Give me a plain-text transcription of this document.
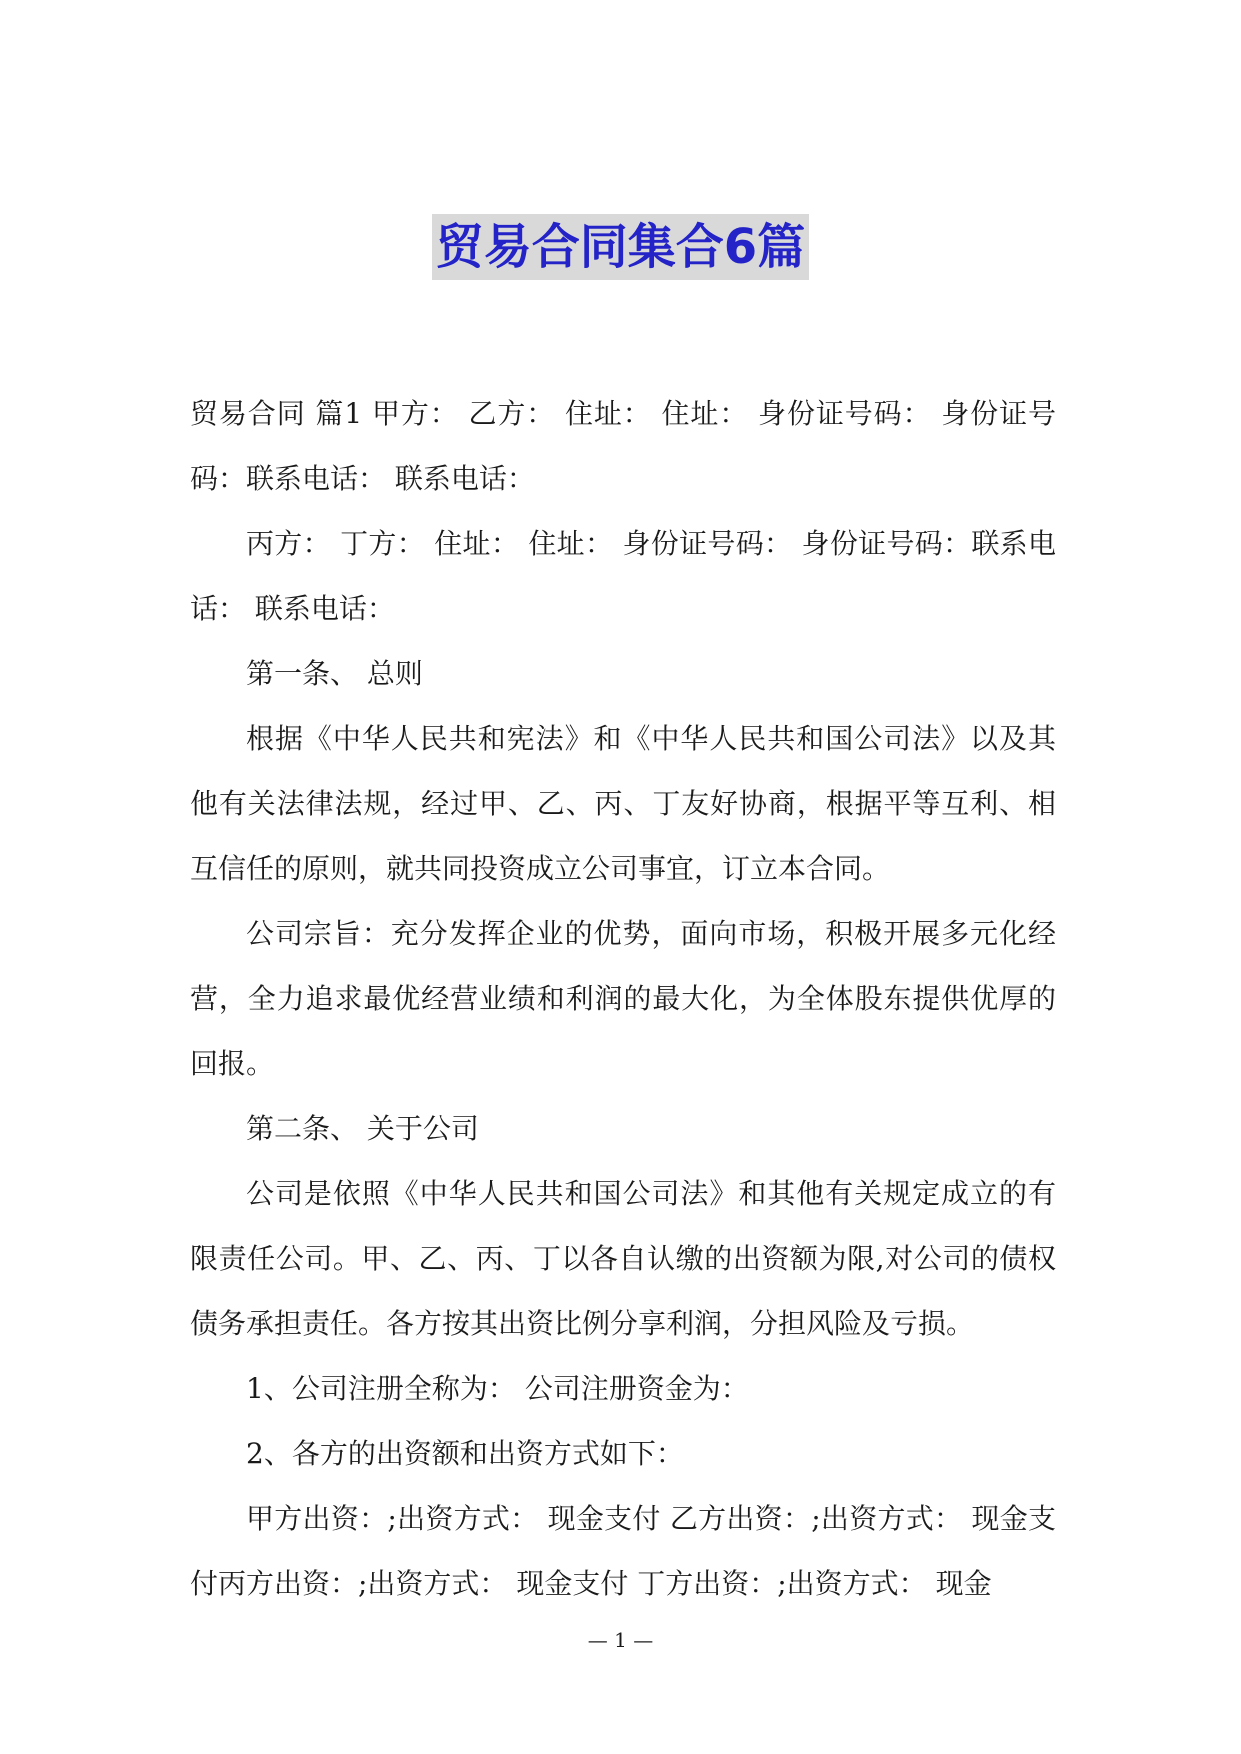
贸易合同集合6篇

贸易合同 篇1 甲方： 乙方： 住址： 住址： 身份证号码： 身份证号码：联系电话： 联系电话：

丙方： 丁方： 住址： 住址： 身份证号码： 身份证号码：联系电话： 联系电话：

第一条、 总则

根据《中华人民共和宪法》和《中华人民共和国公司法》以及其他有关法律法规，经过甲、乙、丙、丁友好协商，根据平等互利、相互信任的原则，就共同投资成立公司事宜，订立本合同。

公司宗旨：充分发挥企业的优势，面向市场，积极开展多元化经营，全力追求最优经营业绩和利润的最大化，为全体股东提供优厚的回报。

第二条、 关于公司

公司是依照《中华人民共和国公司法》和其他有关规定成立的有限责任公司。甲、乙、丙、丁以各自认缴的出资额为限,对公司的债权债务承担责任。各方按其出资比例分享利润，分担风险及亏损。

1、公司注册全称为： 公司注册资金为：

2、各方的出资额和出资方式如下：

甲方出资：;出资方式： 现金支付 乙方出资：;出资方式： 现金支付丙方出资：;出资方式： 现金支付 丁方出资：;出资方式： 现金

— 1 —
